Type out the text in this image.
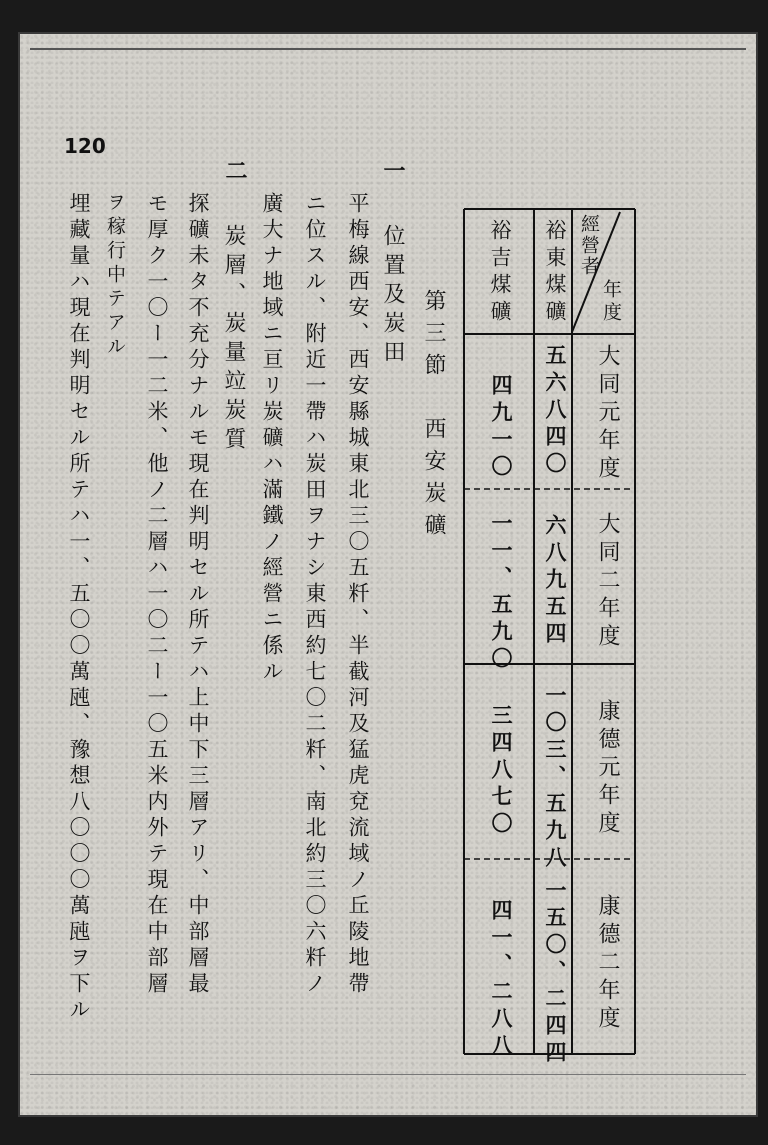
120
第三節　西安炭礦
一
位置及炭田
平梅線西安、西安縣城東北三〇五粁、半截河及猛虎兗流域ノ丘陵地帶
ニ位スル、附近一帶ハ炭田ヲナシ東西約七〇二粁、南北約三〇六粁ノ
廣大ナ地域ニ亘リ炭礦ハ滿鐵ノ經營ニ係ル
二
炭層、炭量竝炭質
探礦未タ不充分ナルモ現在判明セル所テハ上中下三層アリ、中部層最
モ厚ク一〇ー一二米、他ノ二層ハ一〇二ー一〇五米内外テ現在中部層
ヲ稼行中テアル
埋藏量ハ現在判明セル所テハ一、五〇〇萬瓲、豫想八〇〇〇萬瓲ヲ下ル	經營者
年度
裕東煤礦
裕吉煤礦
大同元年度
大同二年度
康德元年度
康德二年度
五六八四〇
六八九五四
一〇三、五九八
一五〇、二四四
四九一〇
一一、五九〇
三四八七〇
四一、二八八
